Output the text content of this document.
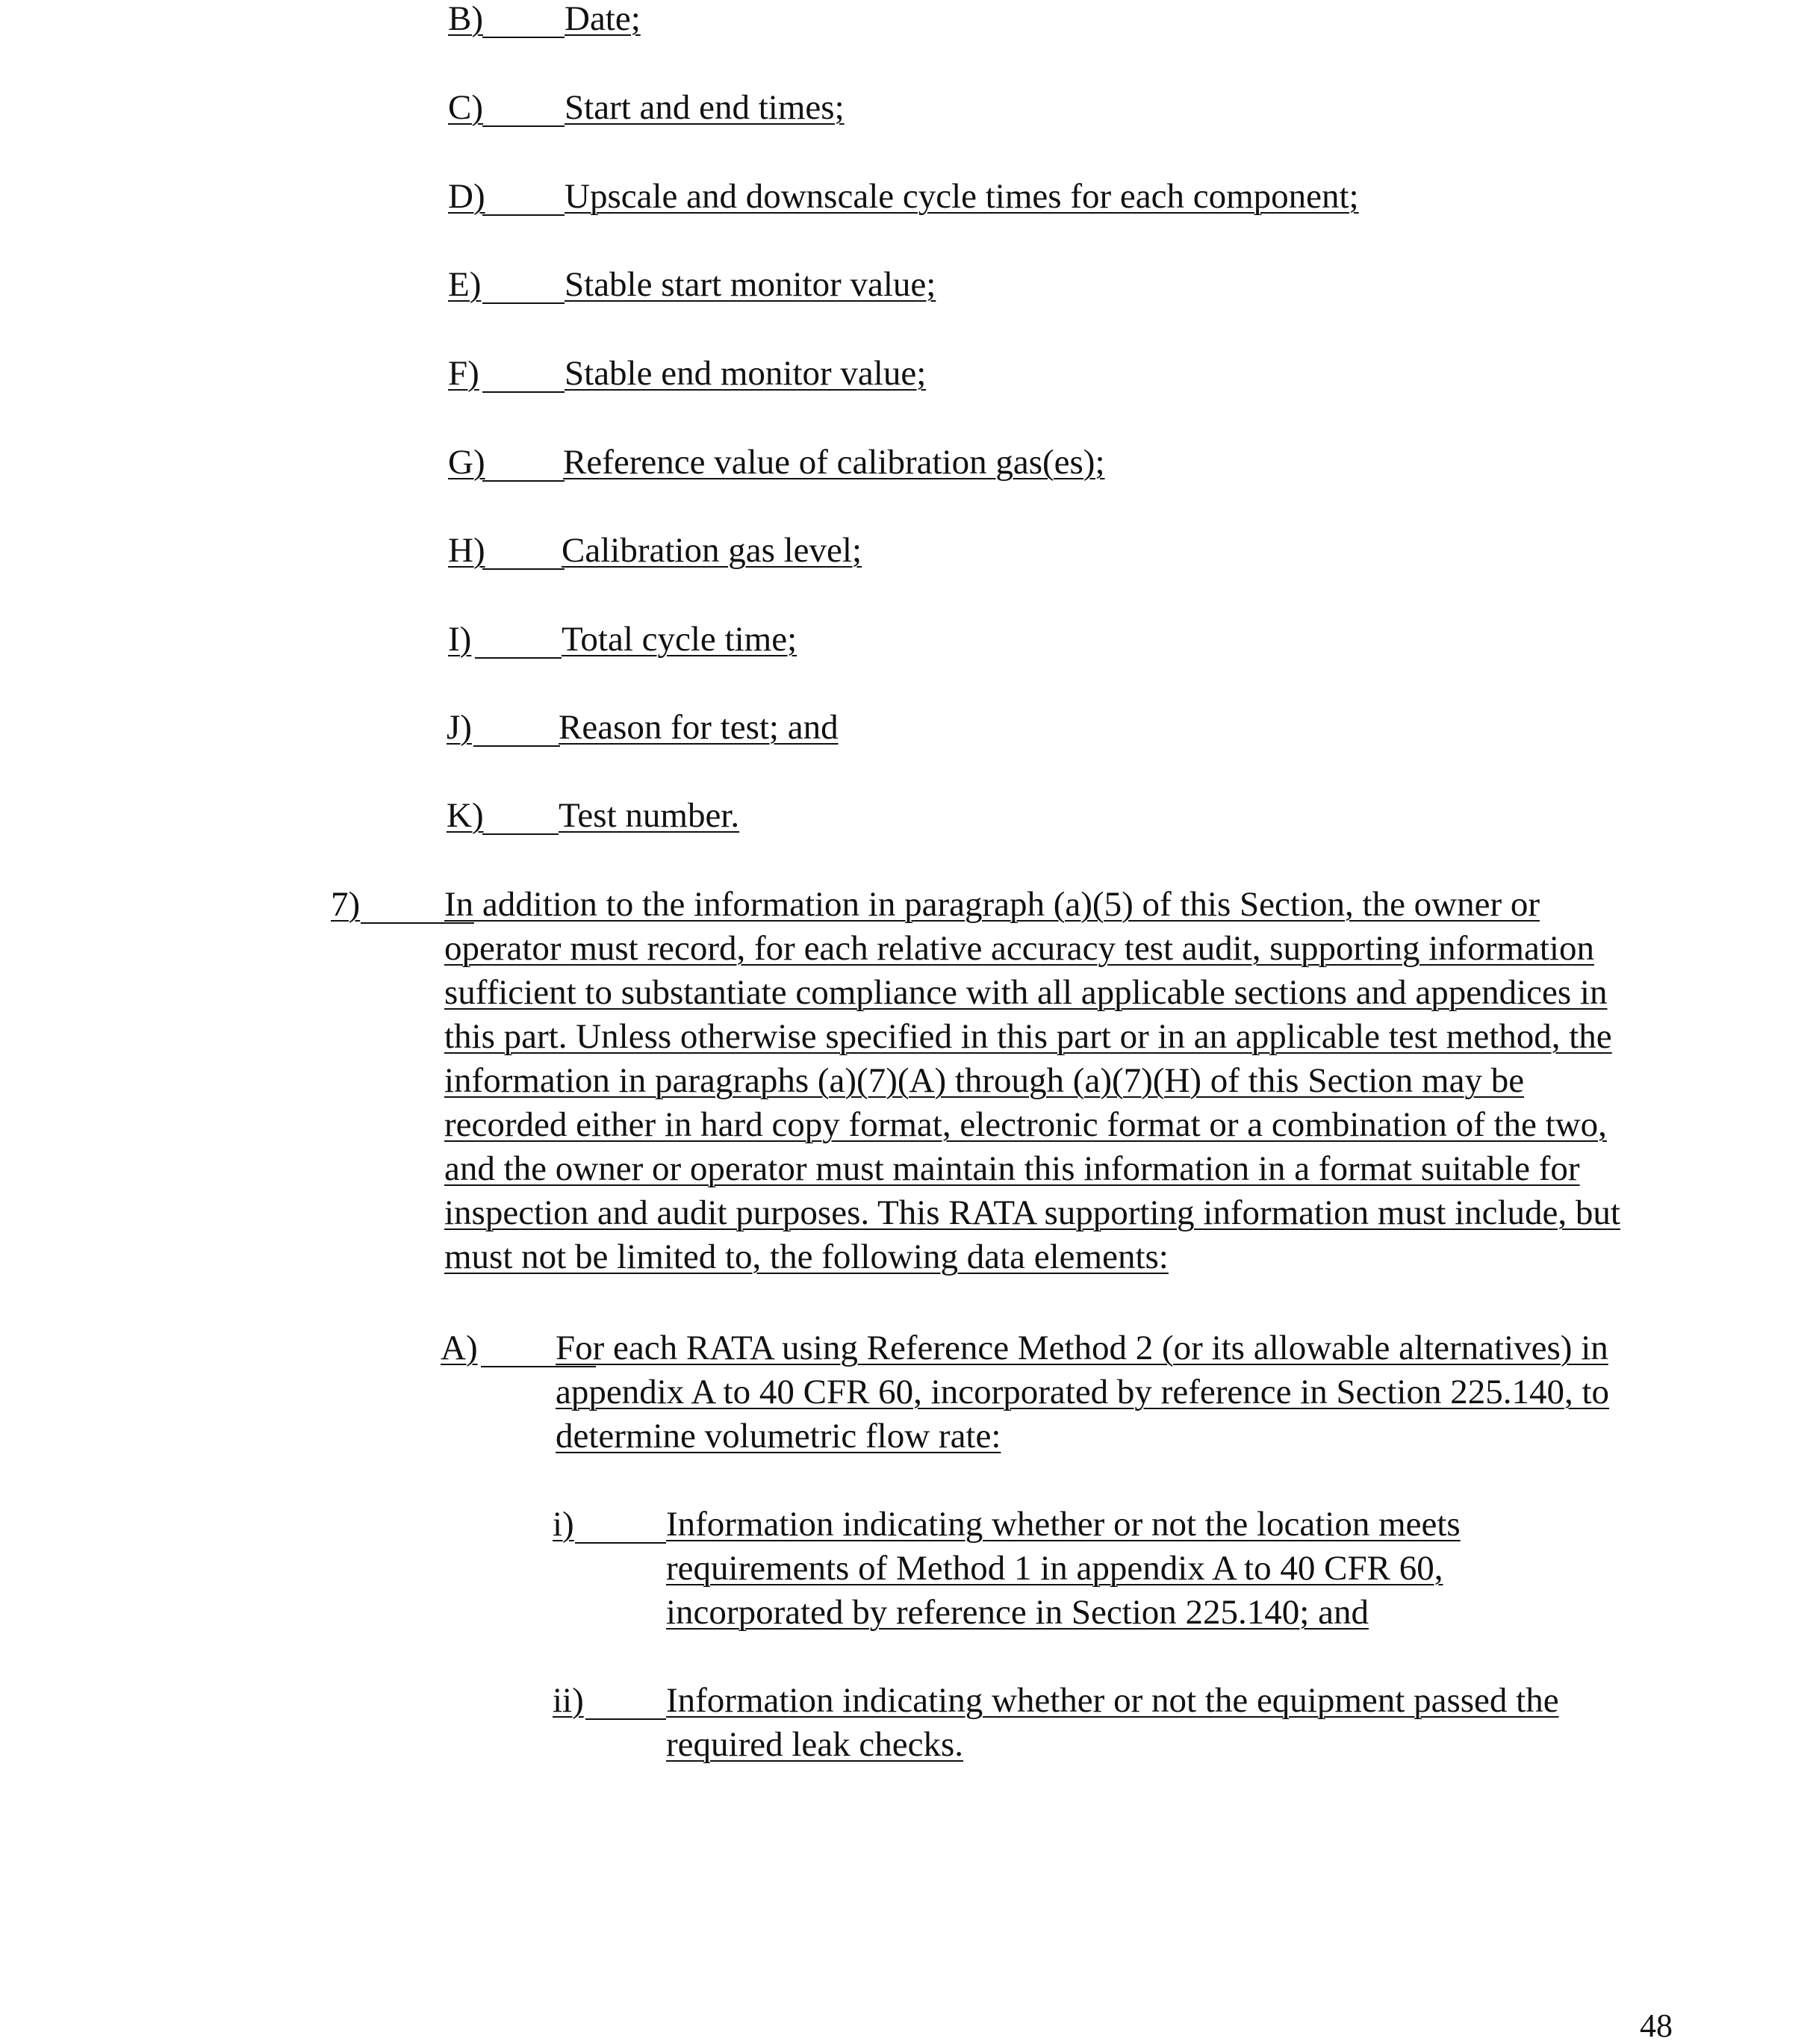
B) Date;
C) Start and end times;
D) Upscale and downscale cycle times for each component;
E) Stable start monitor value;
F) Stable end monitor value;
G) Reference value of calibration gas(es);
H) Calibration gas level;
I)	Total cycle time;
J) Reason for test; and
K) Test number.
7) In addition to the information in paragraph (a)(5) of this Section, the owner or operator must record, for each relative accuracy test audit, supporting information sufficient to substantiate compliance with all applicable sections and appendices in this part. Unless otherwise specified in this part or in an applicable test method, the information in paragraphs (a)(7)(A) through (a)(7)(H) of this Section may be recorded either in hard copy format, electronic format or a combination of the two, and the owner or operator must maintain this information in a format suitable for inspection and audit purposes. This RATA supporting information must include, but must not be limited to, the following data elements:
A) For each RATA using Reference Method 2 (or its allowable alternatives) in appendix A to 40 CFR 60, incorporated by reference in Section 225.140, to determine volumetric flow rate:
i)	Information indicating whether or not the location meets requirements of Method 1 in appendix A to 40 CFR 60, incorporated by reference in Section 225.140; and
ii) Information indicating whether or not the equipment passed the required leak checks.
48
